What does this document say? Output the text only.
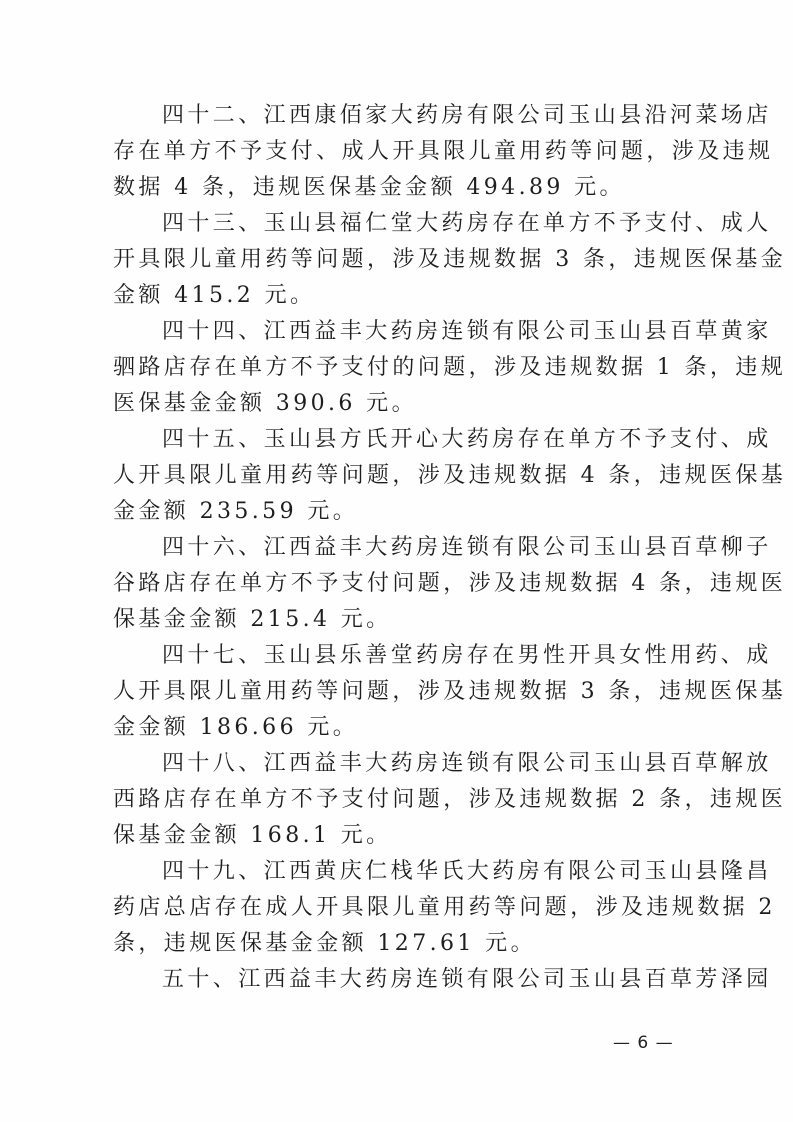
四十二、江西康佰家大药房有限公司玉山县沿河菜场店

存在单方不予支付、成人开具限儿童用药等问题，涉及违规

数据 4 条，违规医保基金金额 494.89 元。

四十三、玉山县福仁堂大药房存在单方不予支付、成人

开具限儿童用药等问题，涉及违规数据 3 条，违规医保基金

金额 415.2 元。

四十四、江西益丰大药房连锁有限公司玉山县百草黄家

驷路店存在单方不予支付的问题，涉及违规数据 1 条，违规

医保基金金额 390.6 元。

四十五、玉山县方氏开心大药房存在单方不予支付、成

人开具限儿童用药等问题，涉及违规数据 4 条，违规医保基

金金额 235.59 元。

四十六、江西益丰大药房连锁有限公司玉山县百草柳子

谷路店存在单方不予支付问题，涉及违规数据 4 条，违规医

保基金金额 215.4 元。

四十七、玉山县乐善堂药房存在男性开具女性用药、成

人开具限儿童用药等问题，涉及违规数据 3 条，违规医保基

金金额 186.66 元。

四十八、江西益丰大药房连锁有限公司玉山县百草解放

西路店存在单方不予支付问题，涉及违规数据 2 条，违规医

保基金金额 168.1 元。

四十九、江西黄庆仁栈华氏大药房有限公司玉山县隆昌

药店总店存在成人开具限儿童用药等问题，涉及违规数据 2

条，违规医保基金金额 127.61 元。

五十、江西益丰大药房连锁有限公司玉山县百草芳泽园

— 6 —
